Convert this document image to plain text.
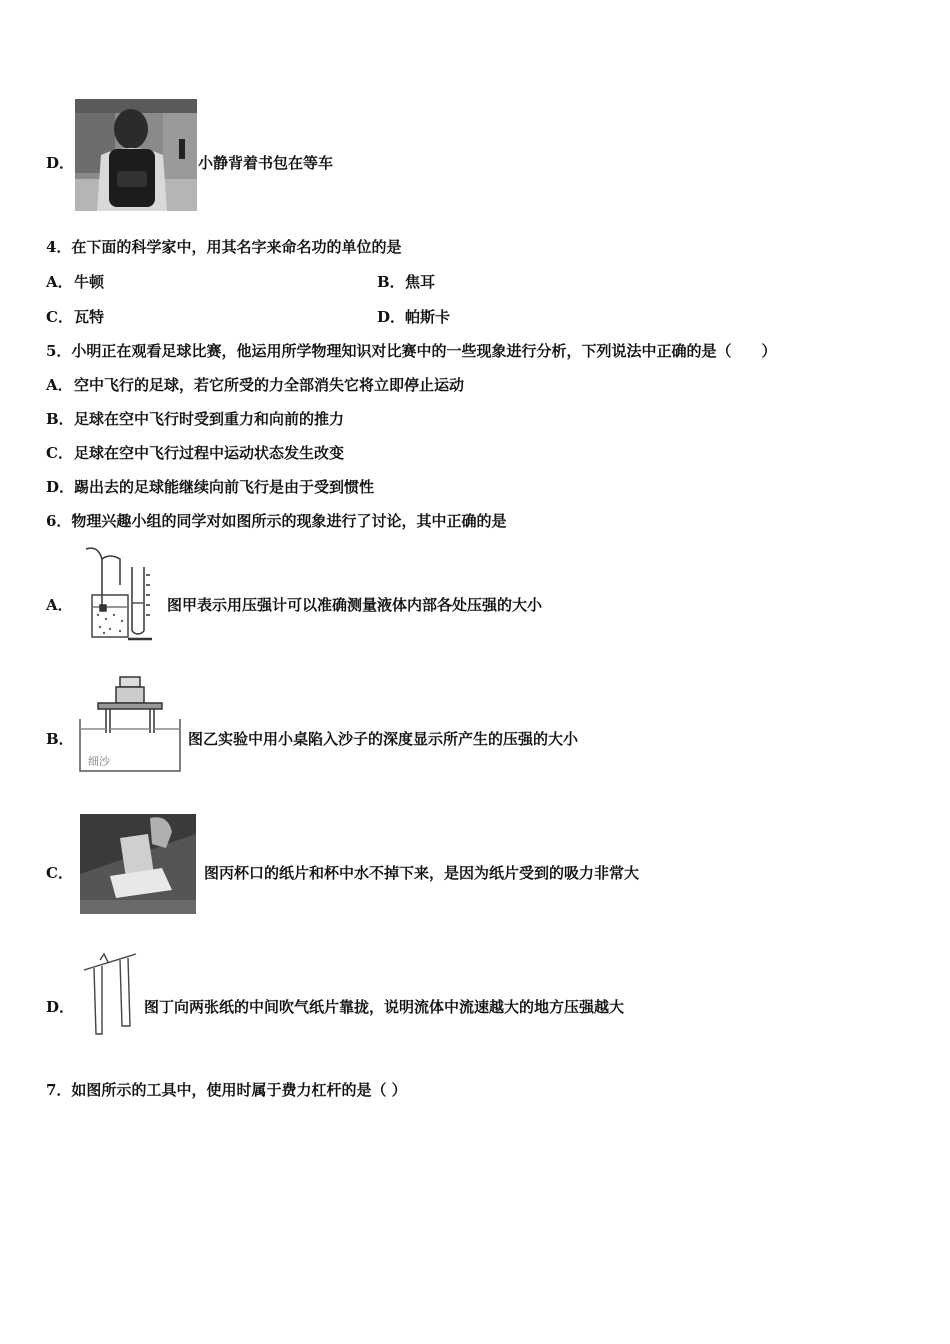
D．	小静背着书包在等车
4．在下面的科学家中，用其名字来命名功的单位的是
A． 牛顿	B． 焦耳
C． 瓦特	D． 帕斯卡
5．小明正在观看足球比赛，他运用所学物理知识对比赛中的一些现象进行分析，下列说法中正确的是（　　）
A． 空中飞行的足球，若它所受的力全部消失它将立即停止运动
B． 足球在空中飞行时受到重力和向前的推力
C． 足球在空中飞行过程中运动状态发生改变
D． 踢出去的足球能继续向前飞行是由于受到惯性
6．物理兴趣小组的同学对如图所示的现象进行了讨论，其中正确的是
A．	图甲表示用压强计可以准确测量液体内部各处压强的大小
B．
细沙
图乙实验中用小桌陷入沙子的深度显示所产生的压强的大小
C．	图丙杯口的纸片和杯中水不掉下来，是因为纸片受到的吸力非常大
D．	图丁向两张纸的中间吹气纸片靠拢，说明流体中流速越大的地方压强越大
7．如图所示的工具中，使用时属于费力杠杆的是（ ）
